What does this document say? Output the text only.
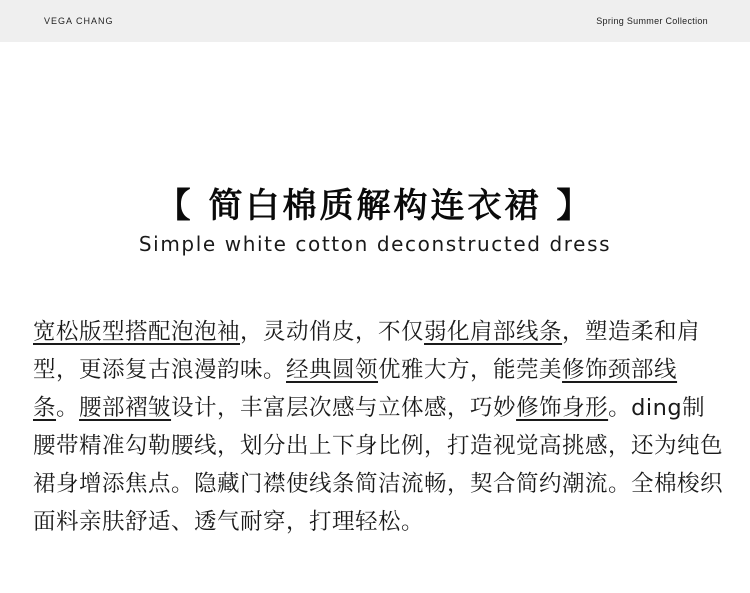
VEGA CHANG	Spring Summer Collection
【 简白棉质解构连衣裙 】
Simple white cotton deconstructed dress

宽松版型搭配泡泡袖，灵动俏皮，不仅弱化肩部线条，塑造柔和肩型，更添复古浪漫韵味。经典圆领优雅大方，能莞美修饰颈部线条。腰部褶皱设计，丰富层次感与立体感，巧妙修饰身形。ding制腰带精准勾勒腰线，划分出上下身比例，打造视觉高挑感，还为纯色裙身增添焦点。隐藏门襟使线条简洁流畅，契合简约潮流。全棉梭织面料亲肤舒适、透气耐穿，打理轻松。
